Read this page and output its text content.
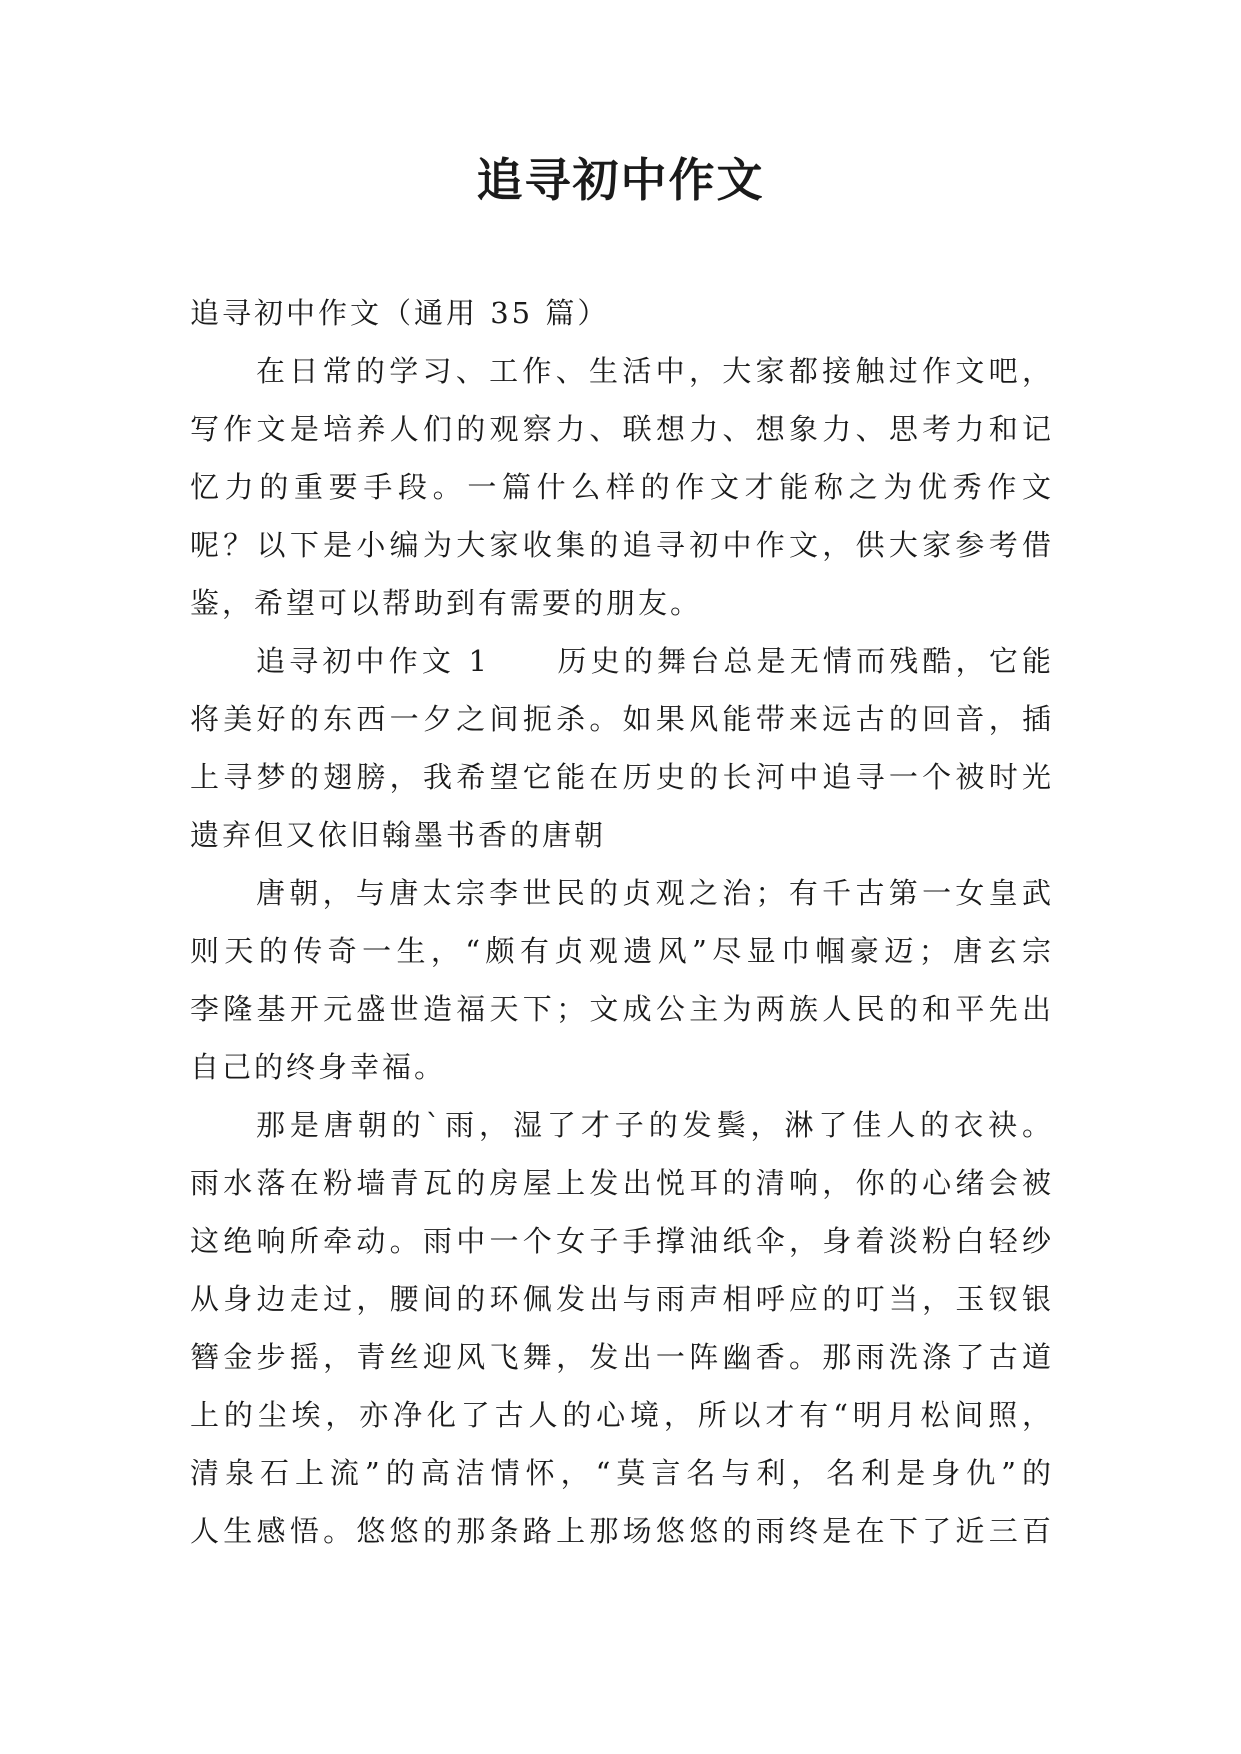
追寻初中作文
追寻初中作文（通用 35 篇）
在日常的学习、工作、生活中，大家都接触过作文吧，
写作文是培养人们的观察力、联想力、想象力、思考力和记
忆力的重要手段。一篇什么样的作文才能称之为优秀作文
呢？以下是小编为大家收集的追寻初中作文，供大家参考借
鉴，希望可以帮助到有需要的朋友。
追寻初中作文 1　　历史的舞台总是无情而残酷，它能
将美好的东西一夕之间扼杀。如果风能带来远古的回音，插
上寻梦的翅膀，我希望它能在历史的长河中追寻一个被时光
遗弃但又依旧翰墨书香的唐朝
唐朝，与唐太宗李世民的贞观之治；有千古第一女皇武
则天的传奇一生，“颇有贞观遗风”尽显巾帼豪迈；唐玄宗
李隆基开元盛世造福天下；文成公主为两族人民的和平先出
自己的终身幸福。
那是唐朝的`雨，湿了才子的发鬓，淋了佳人的衣袂。
雨水落在粉墙青瓦的房屋上发出悦耳的清响，你的心绪会被
这绝响所牵动。雨中一个女子手撑油纸伞，身着淡粉白轻纱
从身边走过，腰间的环佩发出与雨声相呼应的叮当，玉钗银
簪金步摇，青丝迎风飞舞，发出一阵幽香。那雨洗涤了古道
上的尘埃，亦净化了古人的心境，所以才有“明月松间照，
清泉石上流”的高洁情怀，“莫言名与利，名利是身仇”的
人生感悟。悠悠的那条路上那场悠悠的雨终是在下了近三百
